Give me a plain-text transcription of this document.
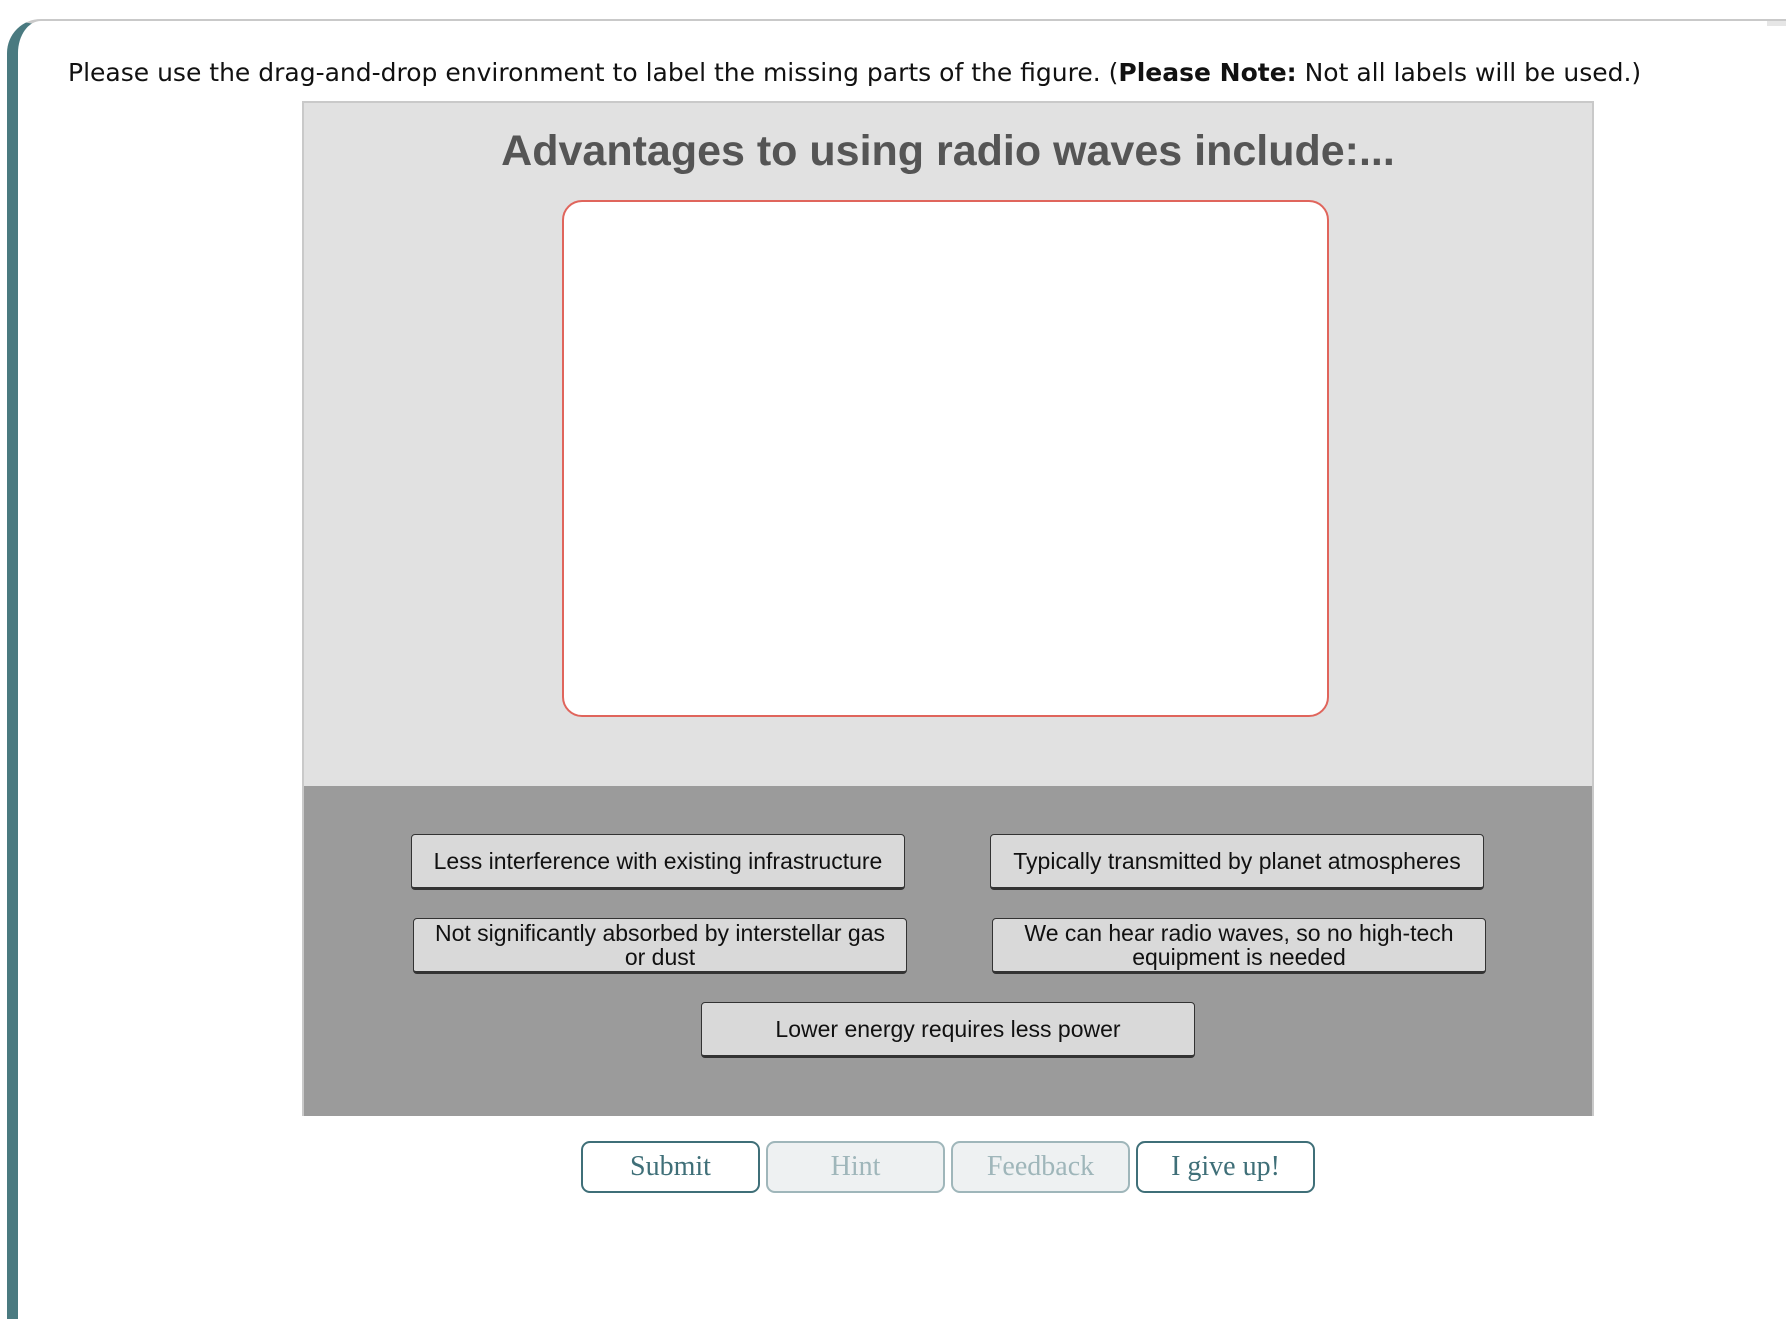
Please use the drag-and-drop environment to label the missing parts of the figure. (Please Note: Not all labels will be used.)
Advantages to using radio waves include:...
Less interference with existing infrastructure	Typically transmitted by planet atmospheres
Not significantly absorbed by interstellar gas or dust
We can hear radio waves, so no high-tech equipment is needed
Lower energy requires less power
Submit	Hint	Feedback	I give up!
